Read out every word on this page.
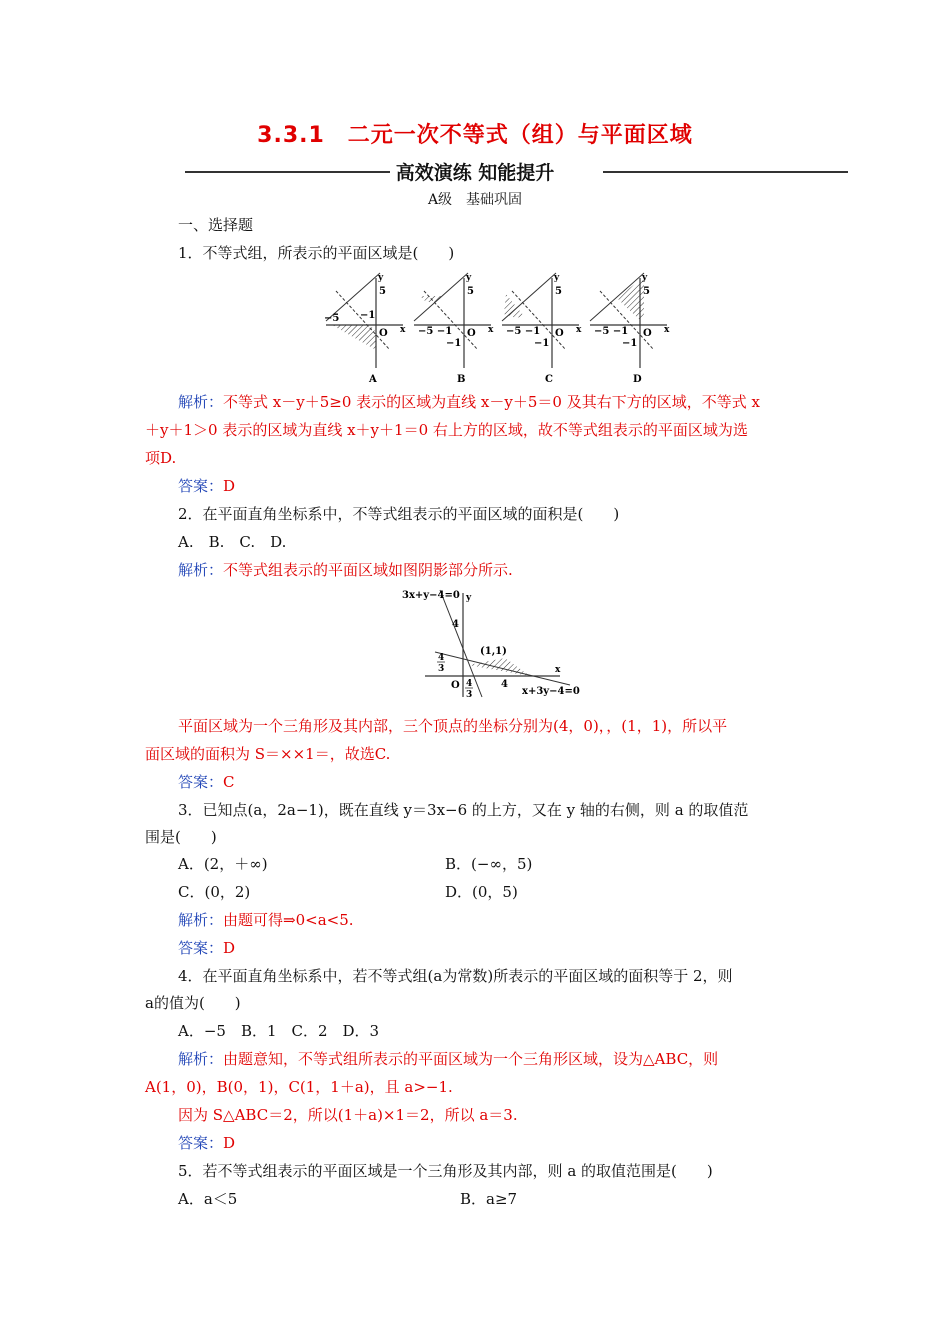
3.3.1　二元一次不等式（组）与平面区域
高效演练 知能提升
A级　基础巩固
一、选择题
1．不等式组，所表示的平面区域是(　　)
y
x
5
−5 −1
O
A
y
x
5
−5 −1
−1
O
B
y
x
5
−5 −1
−1
O
C
y
x
5
−5 −1
−1
O
D
解析：不等式 x－y＋5≥0 表示的区域为直线 x－y＋5＝0 及其右下方的区域，不等式 x
＋y＋1＞0 表示的区域为直线 x＋y＋1＝0 右上方的区域，故不等式组表示的平面区域为选
项D.
答案：D
2．在平面直角坐标系中，不等式组表示的平面区域的面积是(　　)
A.　B.　C.　D.
解析：不等式组表示的平面区域如图阴影部分所示.
3x+y−4=0 y
4
(1,1)
4
3	x
O 4
3
4
x+3y−4=0
平面区域为一个三角形及其内部，三个顶点的坐标分别为(4，0)，，(1，1)，所以平
面区域的面积为 S＝××1＝，故选C.
答案：C
3．已知点(a，2a−1)，既在直线 y＝3x−6 的上方，又在 y 轴的右侧，则 a 的取值范
围是(　　)
A．(2，＋∞)	B．(−∞，5)
C．(0，2)	D．(0，5)
解析：由题可得⇒0<a<5.
答案：D
4．在平面直角坐标系中，若不等式组(a为常数)所表示的平面区域的面积等于 2，则
a的值为(　　)
A．−5　B．1　C．2　D．3
解析：由题意知，不等式组所表示的平面区域为一个三角形区域，设为△ABC，则
A(1，0)，B(0，1)，C(1，1＋a)，且 a>−1.
因为 S△ABC＝2，所以(1＋a)×1＝2，所以 a＝3.
答案：D
5．若不等式组表示的平面区域是一个三角形及其内部，则 a 的取值范围是(　　)
A．a＜5	B．a≥7
